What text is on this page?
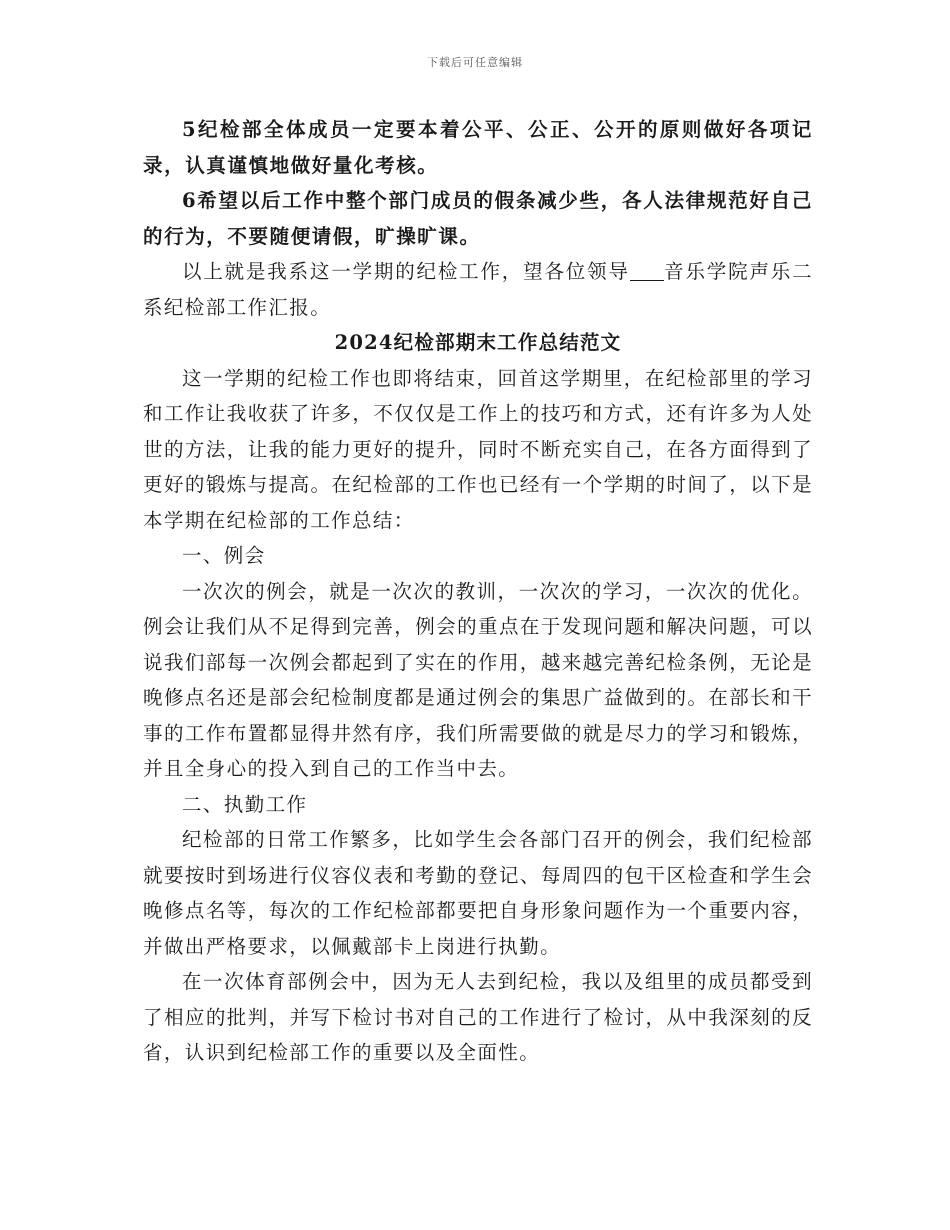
下载后可任意编辑

5纪检部全体成员一定要本着公平、公正、公开的原则做好各项记录，认真谨慎地做好量化考核。

6希望以后工作中整个部门成员的假条减少些，各人法律规范好自己的行为，不要随便请假，旷操旷课。

以上就是我系这一学期的纪检工作，望各位领导 音乐学院声乐二系纪检部工作汇报。

2024纪检部期末工作总结范文

这一学期的纪检工作也即将结束，回首这学期里，在纪检部里的学习和工作让我收获了许多，不仅仅是工作上的技巧和方式，还有许多为人处世的方法，让我的能力更好的提升，同时不断充实自己，在各方面得到了更好的锻炼与提高。在纪检部的工作也已经有一个学期的时间了，以下是本学期在纪检部的工作总结：

一、例会

一次次的例会，就是一次次的教训，一次次的学习，一次次的优化。例会让我们从不足得到完善，例会的重点在于发现问题和解决问题，可以说我们部每一次例会都起到了实在的作用，越来越完善纪检条例，无论是晚修点名还是部会纪检制度都是通过例会的集思广益做到的。在部长和干事的工作布置都显得井然有序，我们所需要做的就是尽力的学习和锻炼，并且全身心的投入到自己的工作当中去。

二、执勤工作

纪检部的日常工作繁多，比如学生会各部门召开的例会，我们纪检部就要按时到场进行仪容仪表和考勤的登记、每周四的包干区检查和学生会晚修点名等，每次的工作纪检部都要把自身形象问题作为一个重要内容，并做出严格要求，以佩戴部卡上岗进行执勤。

在一次体育部例会中，因为无人去到纪检，我以及组里的成员都受到了相应的批判，并写下检讨书对自己的工作进行了检讨，从中我深刻的反省，认识到纪检部工作的重要以及全面性。
